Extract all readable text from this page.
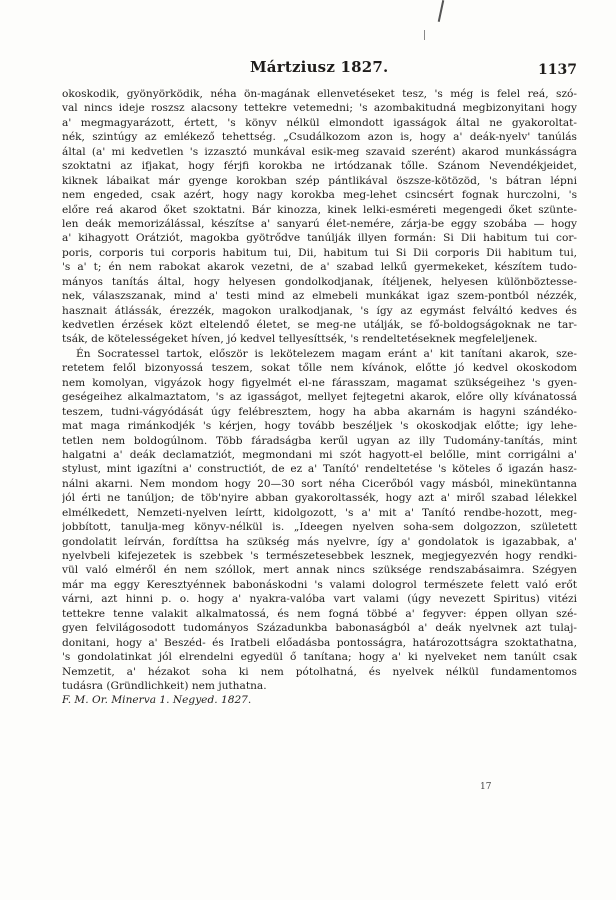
Mártziusz 1827.	1137
okoskodik, gyönyörködik, néha ön-magának ellenvetéseket tesz, 's még is felel reá, szó-
val nincs ideje roszsz alacsony tettekre vetemedni; 's azombakitudná megbizonyitani hogy
a' megmagyarázott, értett, 's könyv nélkül elmondott igasságok által ne gyakoroltat-
nék, szintúgy az emlékező tehettség. „Csudálkozom azon is, hogy a' deák-nyelv' tanúlás
által (a' mi kedvetlen 's izzasztó munkával esik-meg szavaid szerént) akarod munkásságra
szoktatni az ifjakat, hogy férjfi korokba ne irtódzanak tőlle. Szánom Nevendékjeidet,
kiknek lábaikat már gyenge korokban szép pántlikával öszsze-kötözöd, 's bátran lépni
nem engeded, csak azért, hogy nagy korokba meg-lehet csincsért fognak hurczolni, 's
előre reá akarod őket szoktatni. Bár kinozza, kinek lelki-esméreti megengedi őket szünte-
len deák memorizálással, készítse a' sanyarú élet-nemére, zárja-be eggy szobába — hogy
a' kihagyott Orátziót, magokba gyötrődve tanúlják illyen formán: Si Dii habitum tui cor-
poris, corporis tui corporis habitum tui, Dii, habitum tui Si Dii corporis Dii habitum tui,
's a' t; én nem rabokat akarok vezetni, de a' szabad lelkű gyermekeket, készítem tudo-
mányos tanítás által, hogy helyesen gondolkodjanak, ítéljenek, helyesen különböztesse-
nek, válaszszanak, mind a' testi mind az elmebeli munkákat igaz szem-pontból nézzék,
hasznait átlássák, érezzék, magokon uralkodjanak, 's így az egymást felváltó kedves és
kedvetlen érzések közt eltelendő életet, se meg-ne utálják, se fő-boldogságoknak ne tar-
tsák, de kötelességeket híven, jó kedvel tellyesíttsék, 's rendeltetéseknek megfeleljenek.
Én Socratessel tartok, először is lekötelezem magam eránt a' kit tanítani akarok, sze-
retetem felől bizonyossá teszem, sokat tőlle nem kívánok, előtte jó kedvel okoskodom
nem komolyan, vigyázok hogy figyelmét el-ne fárasszam, magamat szükségeihez 's gyen-
geségeihez alkalmaztatom, 's az igasságot, mellyet fejtegetni akarok, előre olly kívánatossá
teszem, tudni-vágyódását úgy felébresztem, hogy ha abba akarnám is hagyni szándéko-
mat maga rimánkodjék 's kérjen, hogy tovább beszéljek 's okoskodjak előtte; igy lehe-
tetlen nem boldogúlnom. Több fáradságba kerűl ugyan az illy Tudomány-tanítás, mint
halgatni a' deák declamatziót, megmondani mi szót hagyott-el belőlle, mint corrigálni a'
stylust, mint igazítni a' constructiót, de ez a' Tanító' rendeltetése 's köteles ő igazán hasz-
nálni akarni. Nem mondom hogy 20—30 sort néha Cicerőból vagy másból, mineküntanna
jól érti ne tanúljon; de töb'nyire abban gyakoroltassék, hogy azt a' miről szabad lélekkel
elmélkedett, Nemzeti-nyelven leírtt, kidolgozott, 's a' mit a' Tanító rendbe-hozott, meg-
jobbított, tanulja-meg könyv-nélkül is. „Ideegen nyelven soha-sem dolgozzon, született
gondolatit leírván, fordíttsa ha szükség más nyelvre, így a' gondolatok is igazabbak, a'
nyelvbeli kifejezetek is szebbek 's természetesebbek lesznek, megjegyezvén hogy rendki-
vül való elméről én nem szóllok, mert annak nincs szüksége rendszabásaimra. Szégyen
már ma eggy Keresztyénnek babonáskodni 's valami dologrol természete felett való erőt
várni, azt hinni p. o. hogy a' nyakra-valóba vart valami (úgy nevezett Spiritus) vitézi
tettekre tenne valakit alkalmatossá, és nem fogná többé a' fegyver: éppen ollyan szé-
gyen felvilágosodott tudományos Századunkba babonaságból a' deák nyelvnek azt tulaj-
donitani, hogy a' Beszéd- és Iratbeli előadásba pontosságra, határozottságra szoktathatna,
's gondolatinkat jól elrendelni egyedül ő tanítana; hogy a' ki nyelveket nem tanúlt csak
Nemzetit, a' hézakot soha ki nem pótolhatná, és nyelvek nélkül fundamentomos
tudásra (Gründlichkeit) nem juthatna.
F. M. Or. Minerva 1. Negyed. 1827.
17
